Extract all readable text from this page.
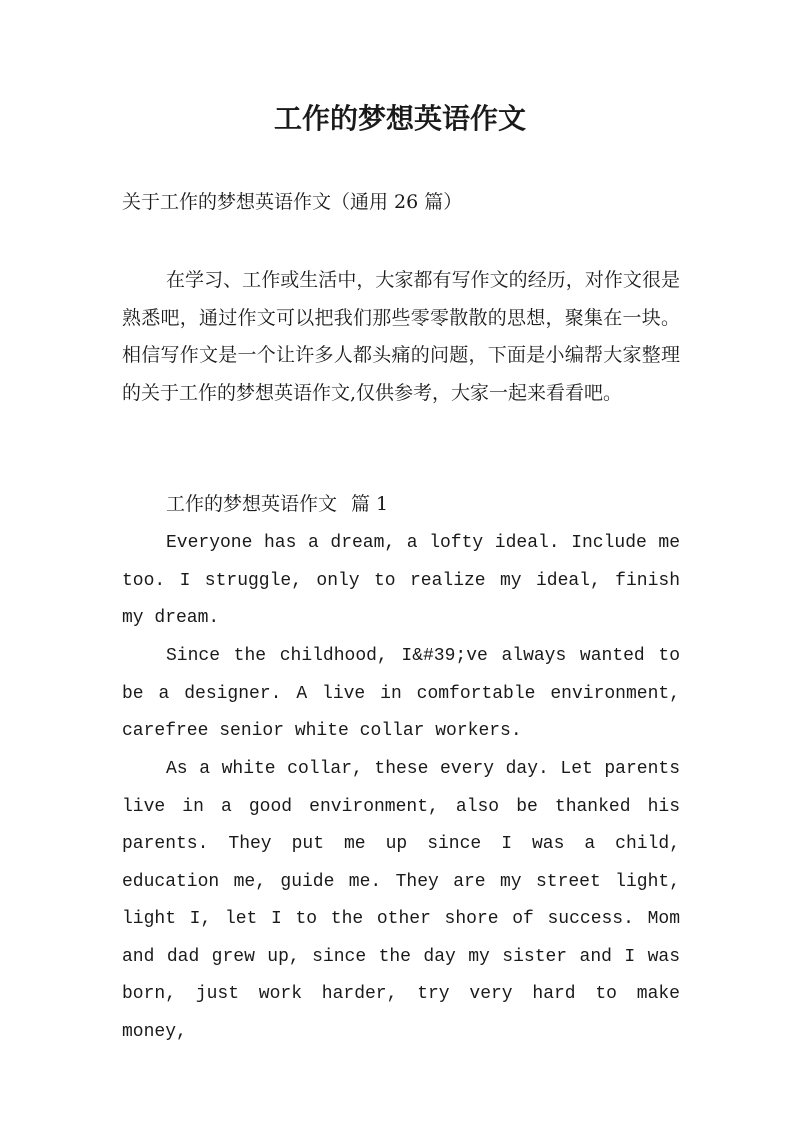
工作的梦想英语作文

关于工作的梦想英语作文（通用 26 篇）

在学习、工作或生活中，大家都有写作文的经历，对作文很是熟悉吧，通过作文可以把我们那些零零散散的思想，聚集在一块。相信写作文是一个让许多人都头痛的问题，下面是小编帮大家整理的关于工作的梦想英语作文,仅供参考，大家一起来看看吧。

工作的梦想英语作文 篇 1

Everyone has a dream, a lofty ideal. Include me too. I struggle, only to realize my ideal, finish my dream.

Since the childhood, I&#39;ve always wanted to be a designer. A live in comfortable environment, carefree senior white collar workers.

As a white collar, these every day. Let parents live in a good environment, also be thanked his parents. They put me up since I was a child, education me, guide me. They are my street light, light I, let I to the other shore of success. Mom and dad grew up, since the day my sister and I was born, just work harder, try very hard to make money,
